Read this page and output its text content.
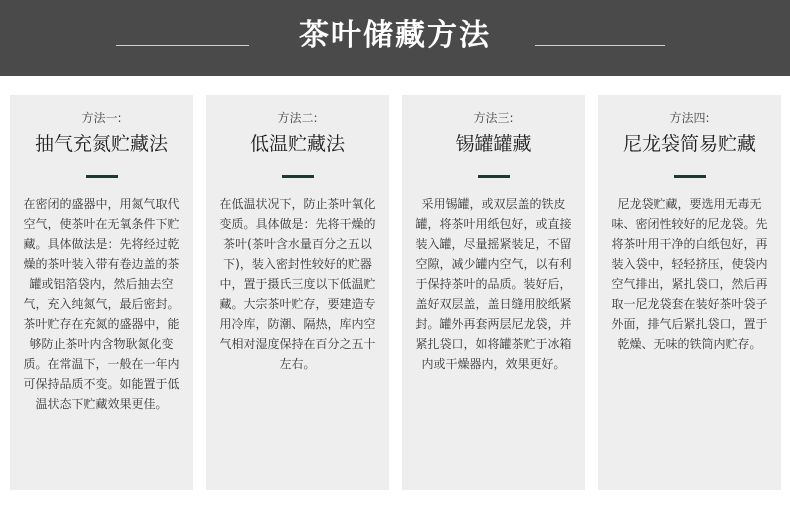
茶叶储藏方法
方法一:
抽气充氮贮藏法
在密闭的盛器中，用氮气取代空气，使茶叶在无氧条件下贮藏。具体做法是：先将经过乾燥的茶叶装入带有卷边盖的茶罐或铝箔袋内，然后抽去空气，充入纯氮气，最后密封。茶叶贮存在充氮的盛器中，能够防止茶叶内含物耿氮化变质。在常温下，一般在一年内可保持品质不变。如能置于低温状态下贮藏效果更佳。
方法二:
低温贮藏法
在低温状况下，防止茶叶氧化变质。具体做是：先将干燥的茶叶(茶叶含水量百分之五以下)，装入密封性较好的贮器中，置于摄氏三度以下低温贮藏。大宗茶叶贮存，要建造专用冷库，防潮、隔热，库内空气相对湿度保持在百分之五十左右。
方法三:
锡罐罐藏
采用锡罐，或双层盖的铁皮罐，将茶叶用纸包好，或直接装入罐，尽量摇紧装足，不留空隙，减少罐内空气，以有利于保持茶叶的品质。装好后，盖好双层盖，盖日缝用胶纸紧封。罐外再套两层尼龙袋，并紧扎袋口，如将罐茶贮于冰箱内或干燥器内，效果更好。
方法四:
尼龙袋简易贮藏
尼龙袋贮藏，要选用无毒无味、密闭性较好的尼龙袋。先将茶叶用干净的白纸包好，再装入袋中，轻轻挤压，使袋内空气排出，紧扎袋口，然后再取一尼龙袋套在装好茶叶袋子外面，排气后紧扎袋口，置于乾燥、无味的铁筒内贮存。
